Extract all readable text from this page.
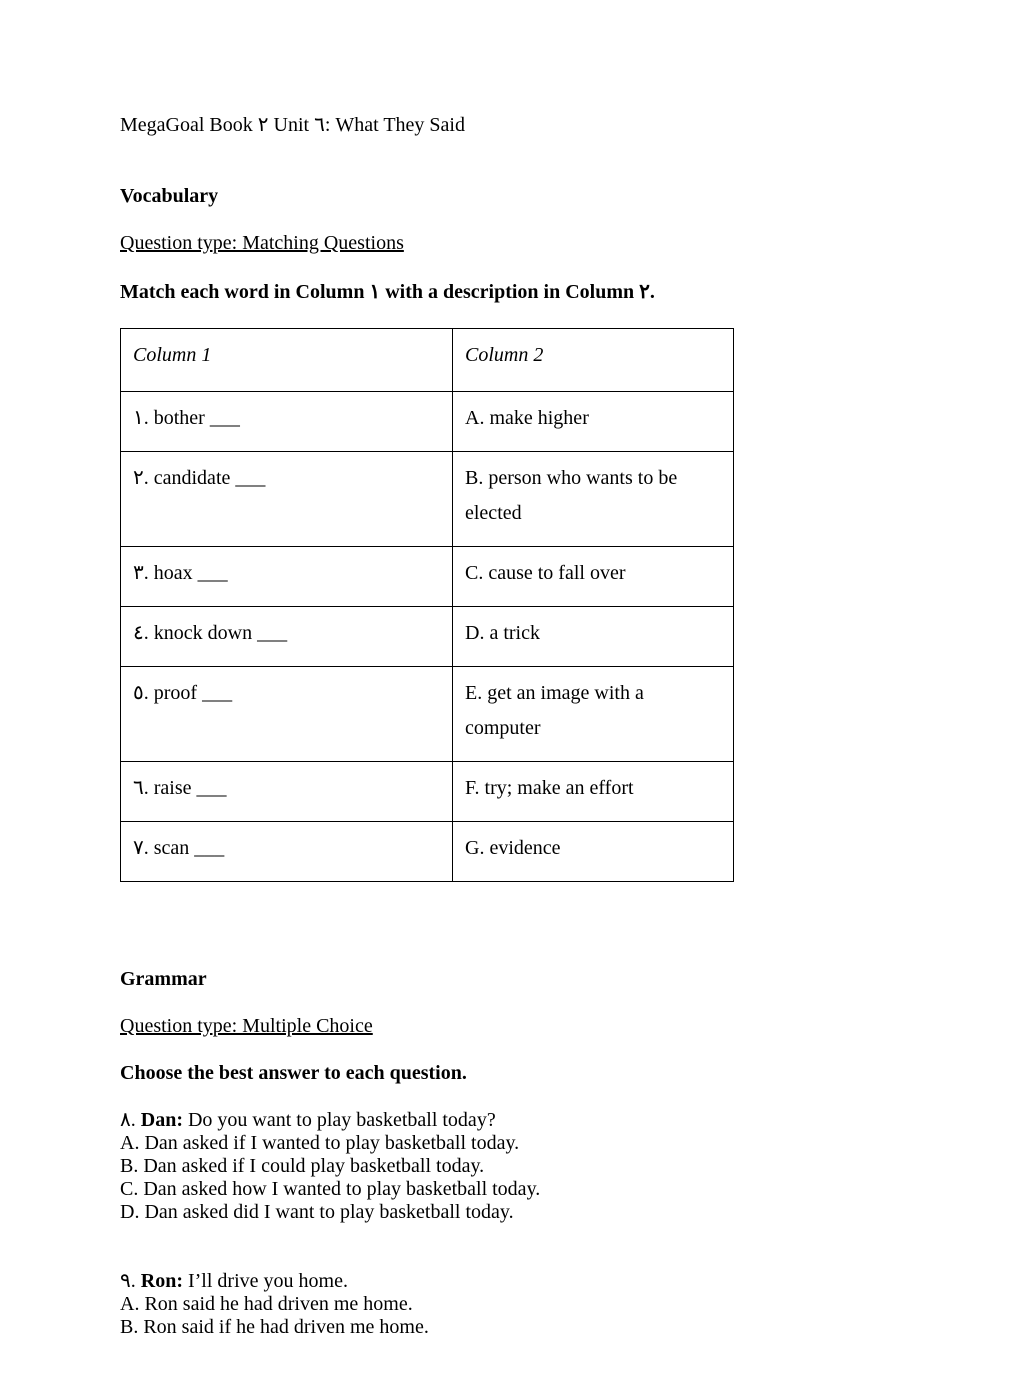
MegaGoal Book ٢ Unit ٦: What They Said

Vocabulary

Question type: Matching Questions

Match each word in Column ١ with a description in Column ٢.

Column 1	Column 2
١. bother ___	A. make higher
٢. candidate ___	B. person who wants to be elected
٣. hoax ___	C. cause to fall over
٤. knock down ___	D. a trick
٥. proof ___	E. get an image with a computer
٦. raise ___	F. try; make an effort
٧. scan ___	G. evidence

Grammar

Question type: Multiple Choice

Choose the best answer to each question.

٨. Dan: Do you want to play basketball today?

A. Dan asked if I wanted to play basketball today.

B. Dan asked if I could play basketball today.

C. Dan asked how I wanted to play basketball today.

D. Dan asked did I want to play basketball today.

٩. Ron: I’ll drive you home.

A. Ron said he had driven me home.

B. Ron said if he had driven me home.
